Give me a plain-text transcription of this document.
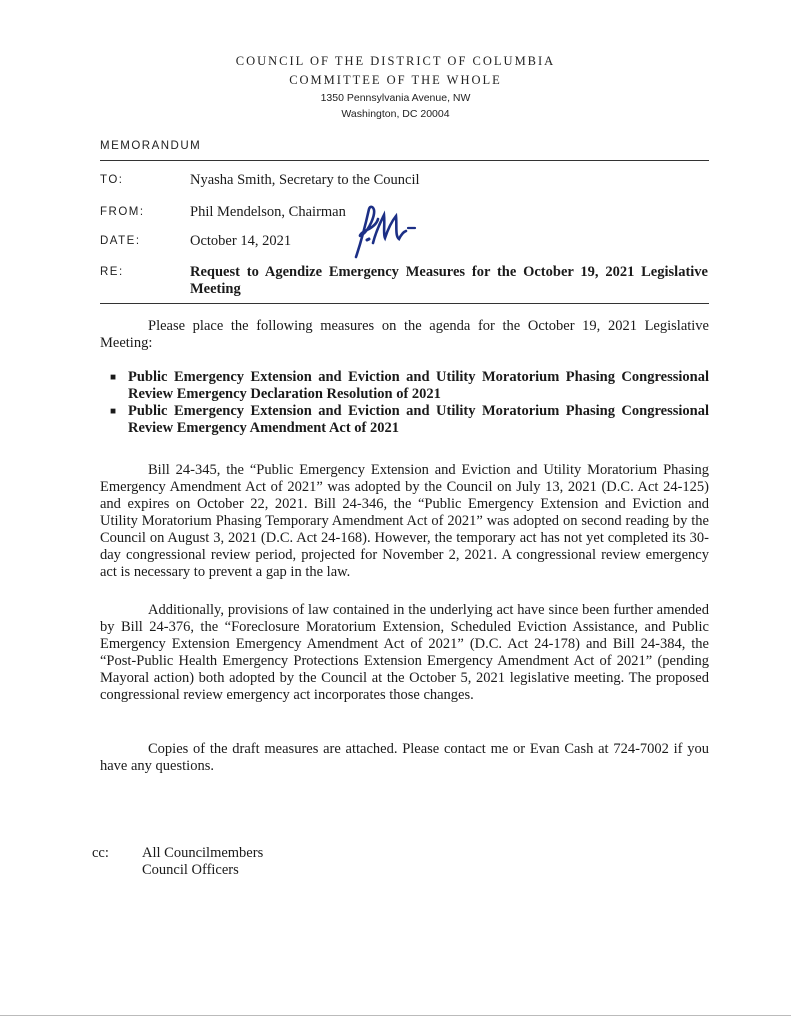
COUNCIL OF THE DISTRICT OF COLUMBIA
COMMITTEE OF THE WHOLE
1350 Pennsylvania Avenue, NW
Washington, DC 20004
MEMORANDUM
TO:	Nyasha Smith, Secretary to the Council
FROM:	Phil Mendelson, Chairman
DATE:	October 14, 2021
RE:	Request to Agendize Emergency Measures for the October 19, 2021 Legislative Meeting
Please place the following measures on the agenda for the October 19, 2021 Legislative Meeting:
■ Public Emergency Extension and Eviction and Utility Moratorium Phasing Congressional Review Emergency Declaration Resolution of 2021
■ Public Emergency Extension and Eviction and Utility Moratorium Phasing Congressional Review Emergency Amendment Act of 2021
Bill 24-345, the “Public Emergency Extension and Eviction and Utility Moratorium Phasing Emergency Amendment Act of 2021” was adopted by the Council on July 13, 2021 (D.C. Act 24-125) and expires on October 22, 2021. Bill 24-346, the “Public Emergency Extension and Eviction and Utility Moratorium Phasing Temporary Amendment Act of 2021” was adopted on second reading by the Council on August 3, 2021 (D.C. Act 24-168). However, the temporary act has not yet completed its 30-day congressional review period, projected for November 2, 2021. A congressional review emergency act is necessary to prevent a gap in the law.
Additionally, provisions of law contained in the underlying act have since been further amended by Bill 24-376, the “Foreclosure Moratorium Extension, Scheduled Eviction Assistance, and Public Emergency Extension Emergency Amendment Act of 2021” (D.C. Act 24-178) and Bill 24-384, the “Post-Public Health Emergency Protections Extension Emergency Amendment Act of 2021” (pending Mayoral action) both adopted by the Council at the October 5, 2021 legislative meeting. The proposed congressional review emergency act incorporates those changes.
Copies of the draft measures are attached. Please contact me or Evan Cash at 724-7002 if you have any questions.
cc: All Councilmembers
Council Officers
